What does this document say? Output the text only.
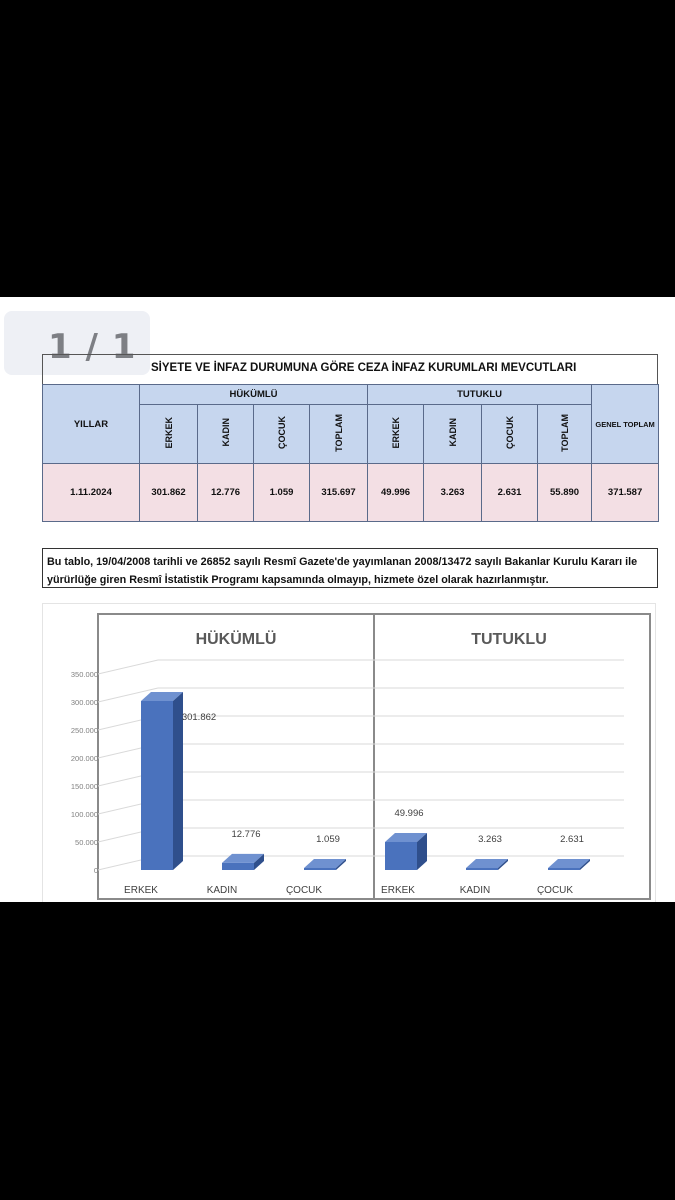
1 / 1
SİYETE VE İNFAZ DURUMUNA GÖRE CEZA İNFAZ KURUMLARI MEVCUTLARI
YILLAR	HÜKÜMLÜ				TUTUKLU				GENEL TOPLAM
	ERKEK	KADIN	ÇOCUK	TOPLAM	ERKEK	KADIN	ÇOCUK	TOPLAM	
1.11.2024	301.862	12.776	1.059	315.697	49.996	3.263	2.631	55.890	371.587
Bu tablo, 19/04/2008 tarihli ve 26852 sayılı Resmî Gazete'de yayımlanan 2008/13472 sayılı Bakanlar Kurulu Kararı ile
yürürlüğe giren Resmî İstatistik Programı kapsamında olmayıp, hizmete özel olarak hazırlanmıştır.
0
50.000
100.000
150.000
200.000
250.000
300.000
350.000
HÜKÜMLÜ
301.862
ERKEK
12.776
KADIN
1.059
ÇOCUK
TUTUKLU
49.996
ERKEK
3.263
KADIN
2.631
ÇOCUK
